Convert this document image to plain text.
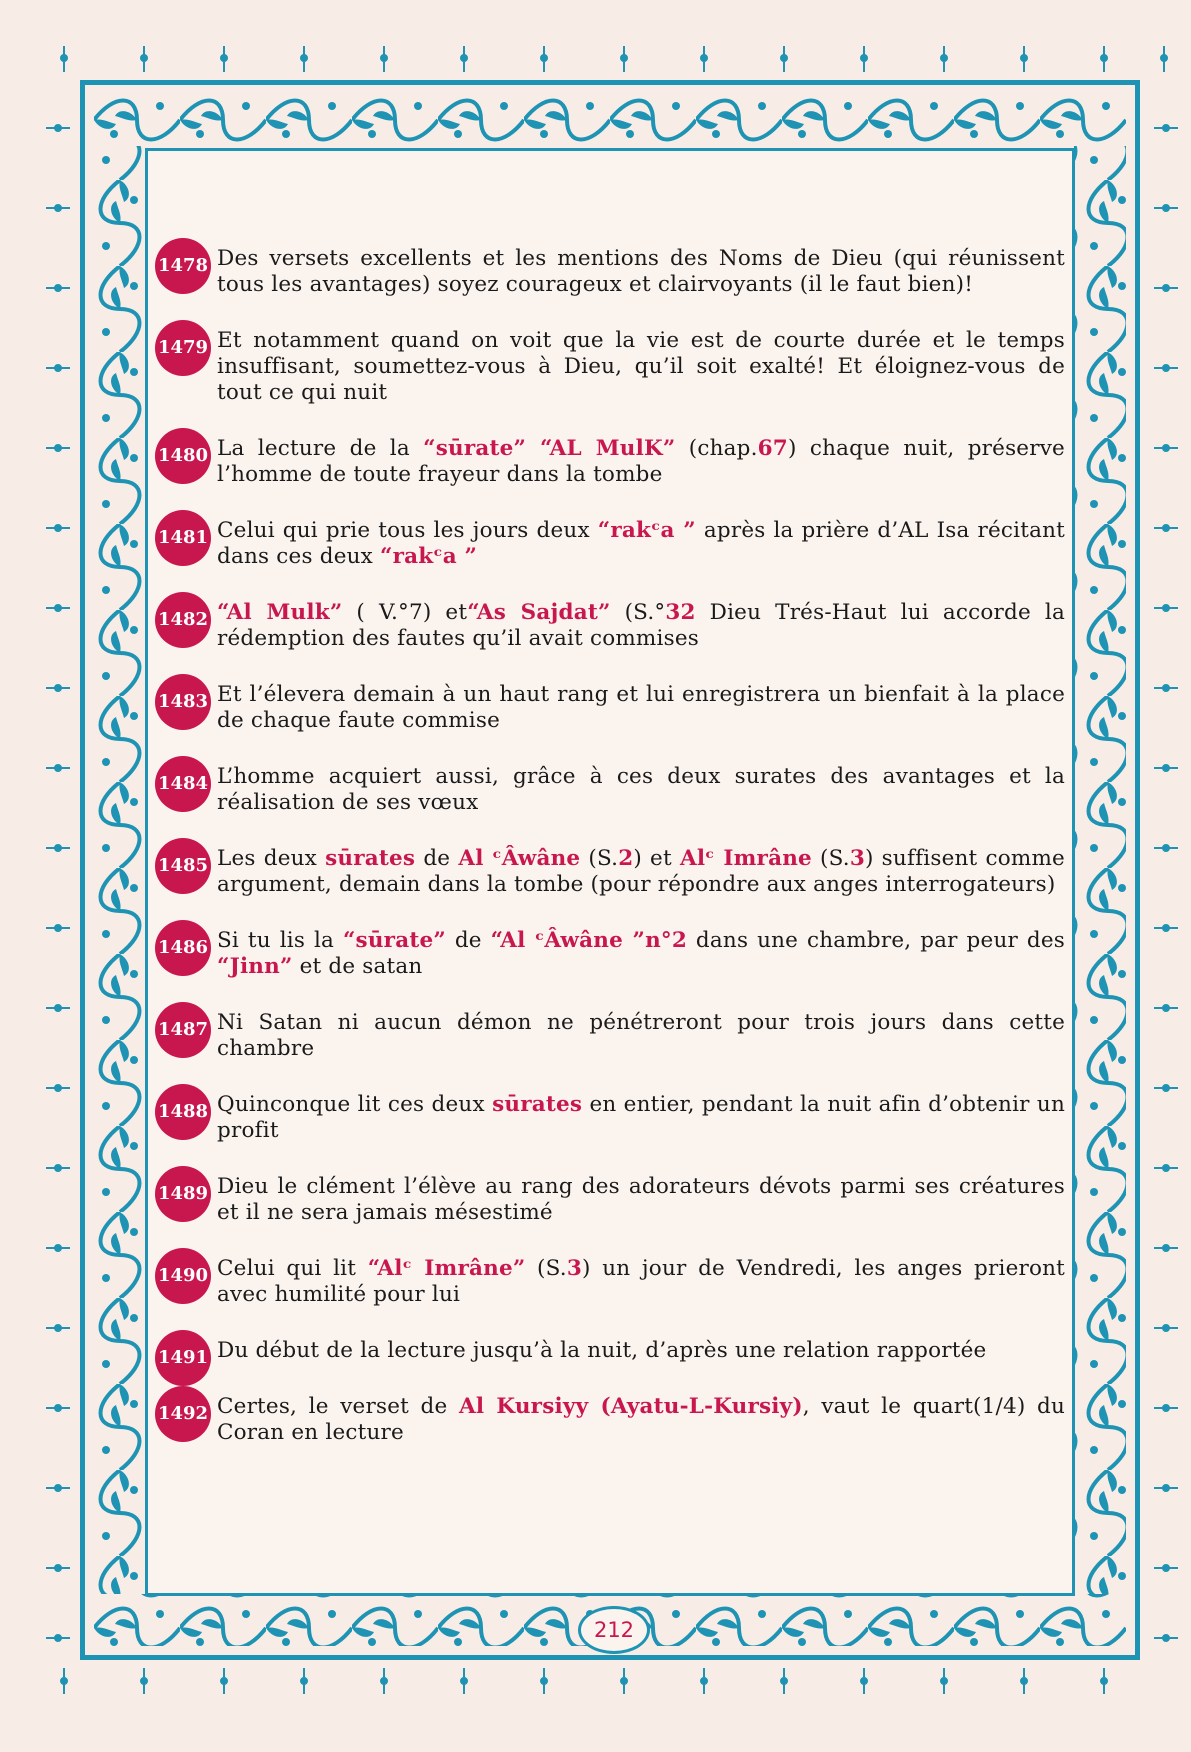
1478 Des versets excellents et les mentions des Noms de Dieu (qui réunissent tous les avantages) soyez courageux et clairvoyants (il le faut bien)!
1479 Et notamment quand on voit que la vie est de courte durée et le temps insuffisant, soumettez-vous à Dieu, qu’il soit exalté! Et éloignez-vous de tout ce qui nuit
1480 La lecture de la “sūrate” “AL MulK” (chap.67) chaque nuit, préserve l’homme de toute frayeur dans la tombe
1481 Celui qui prie tous les jours deux “rakᶜa ” après la prière d’AL Isa récitant dans ces deux “rakᶜa ”
1482 “Al Mulk” ( V.°7) et“As Sajdat” (S.°32 Dieu Trés-Haut lui accorde la rédemption des fautes qu’il avait commises
1483 Et l’élevera demain à un haut rang et lui enregistrera un bienfait à la place de chaque faute commise
1484 L’homme acquiert aussi, grâce à ces deux surates des avantages et la réalisation de ses vœux
1485 Les deux sūrates de Al ᶜÂwâne (S.2) et Alᶜ Imrâne (S.3) suffisent comme argument, demain dans la tombe (pour répondre aux anges interrogateurs)
1486 Si tu lis la “sūrate” de “Al ᶜÂwâne ”n°2 dans une chambre, par peur des “Jinn” et de satan
1487 Ni Satan ni aucun démon ne pénétreront pour trois jours dans cette chambre
1488 Quinconque lit ces deux sūrates en entier, pendant la nuit afin d’obtenir un profit
1489 Dieu le clément l’élève au rang des adorateurs dévots parmi ses créatures et il ne sera jamais mésestimé
1490 Celui qui lit “Alᶜ Imrâne” (S.3) un jour de Vendredi, les anges prieront avec humilité pour lui
1491 Du début de la lecture jusqu’à la nuit, d’après une relation rapportée
1492 Certes, le verset de Al Kursiyy (Ayatu-L-Kursiy), vaut le quart(1/4) du Coran en lecture
212
